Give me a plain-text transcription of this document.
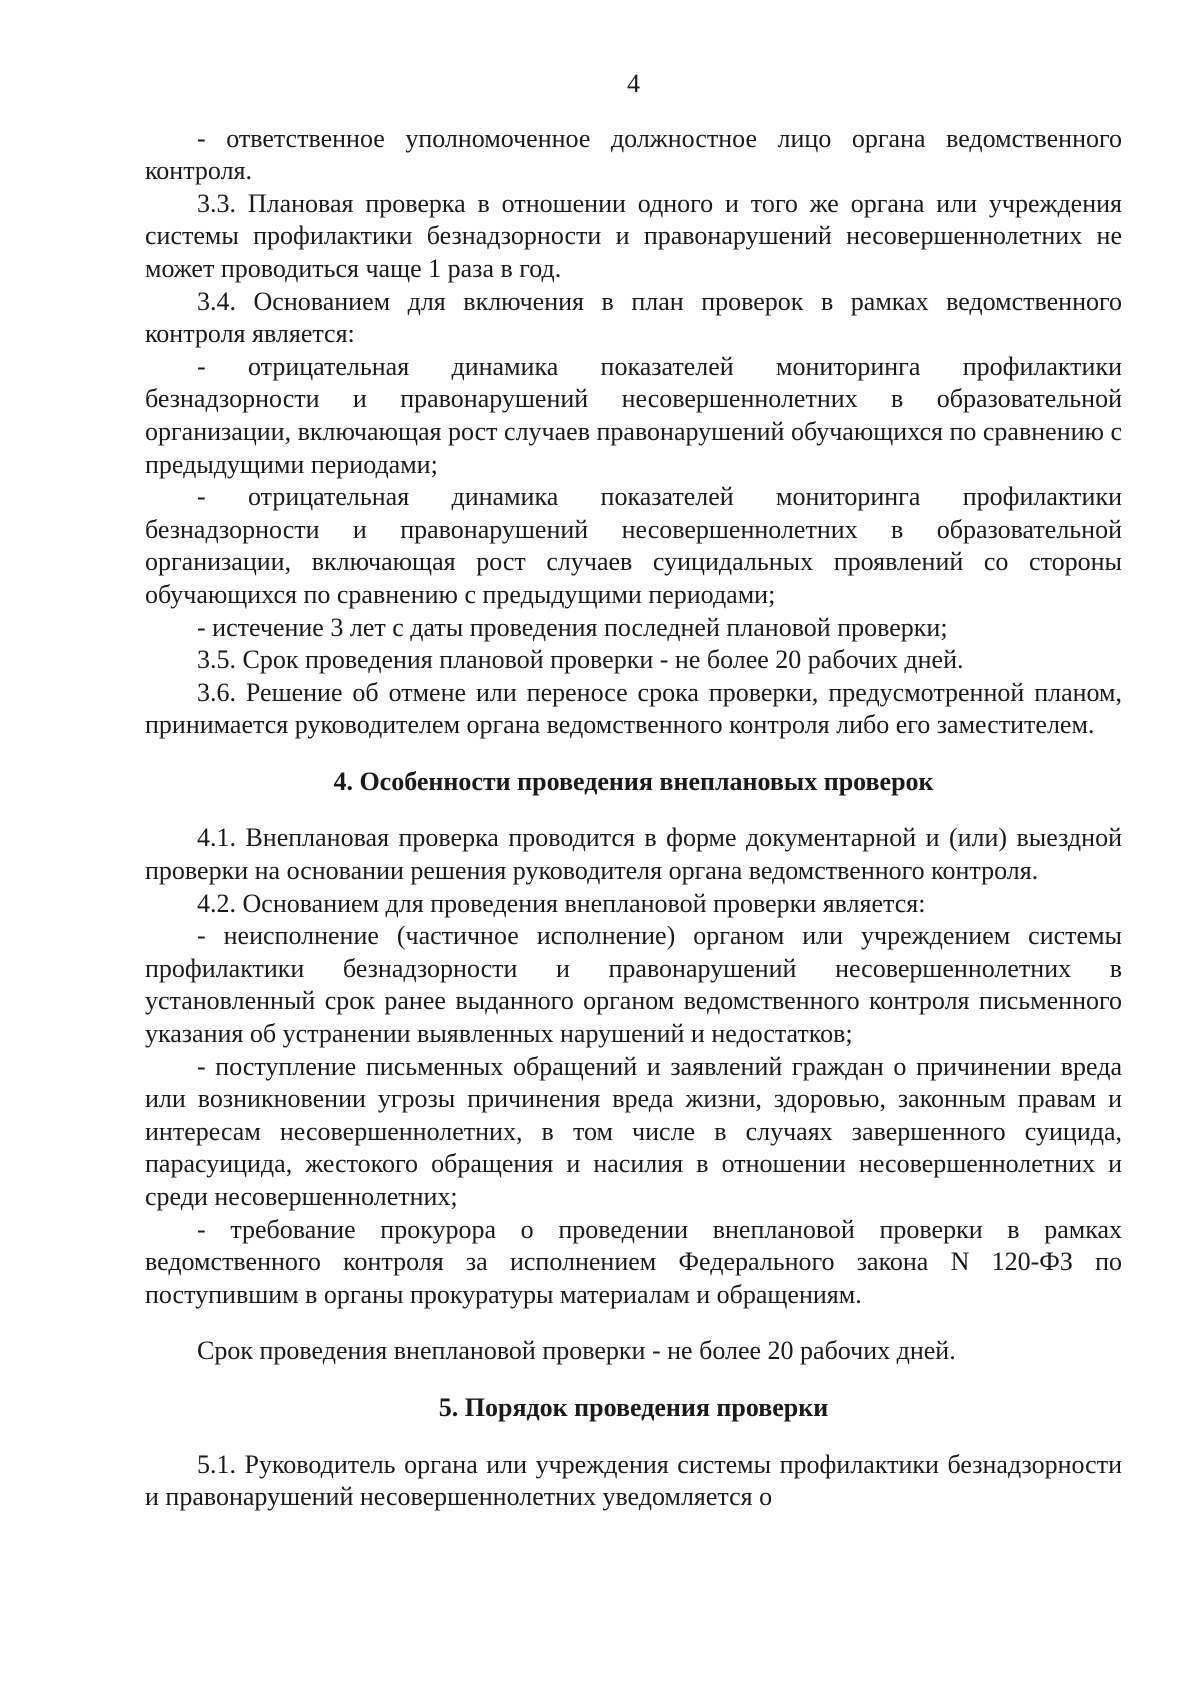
4

- ответственное уполномоченное должностное лицо органа ведомственного контроля.

3.3. Плановая проверка в отношении одного и того же органа или учреждения системы профилактики безнадзорности и правонарушений несовершеннолетних не может проводиться чаще 1 раза в год.

3.4. Основанием для включения в план проверок в рамках ведомственного контроля является:

- отрицательная динамика показателей мониторинга профилактики безнадзорности и правонарушений несовершеннолетних в образовательной организации, включающая рост случаев правонарушений обучающихся по сравнению с предыдущими периодами;

- отрицательная динамика показателей мониторинга профилактики безнадзорности и правонарушений несовершеннолетних в образовательной организации, включающая рост случаев суицидальных проявлений со стороны обучающихся по сравнению с предыдущими периодами;

- истечение 3 лет с даты проведения последней плановой проверки;

3.5. Срок проведения плановой проверки - не более 20 рабочих дней.

3.6. Решение об отмене или переносе срока проверки, предусмотренной планом, принимается руководителем органа ведомственного контроля либо его заместителем.

4. Особенности проведения внеплановых проверок

4.1. Внеплановая проверка проводится в форме документарной и (или) выездной проверки на основании решения руководителя органа ведомственного контроля.

4.2. Основанием для проведения внеплановой проверки является:

- неисполнение (частичное исполнение) органом или учреждением системы профилактики безнадзорности и правонарушений несовершеннолетних в установленный срок ранее выданного органом ведомственного контроля письменного указания об устранении выявленных нарушений и недостатков;

- поступление письменных обращений и заявлений граждан о причинении вреда или возникновении угрозы причинения вреда жизни, здоровью, законным правам и интересам несовершеннолетних, в том числе в случаях завершенного суицида, парасуицида, жестокого обращения и насилия в отношении несовершеннолетних и среди несовершеннолетних;

- требование прокурора о проведении внеплановой проверки в рамках ведомственного контроля за исполнением Федерального закона N 120-ФЗ по поступившим в органы прокуратуры материалам и обращениям.

Срок проведения внеплановой проверки - не более 20 рабочих дней.

5. Порядок проведения проверки

5.1. Руководитель органа или учреждения системы профилактики безнадзорности и правонарушений несовершеннолетних уведомляется о
